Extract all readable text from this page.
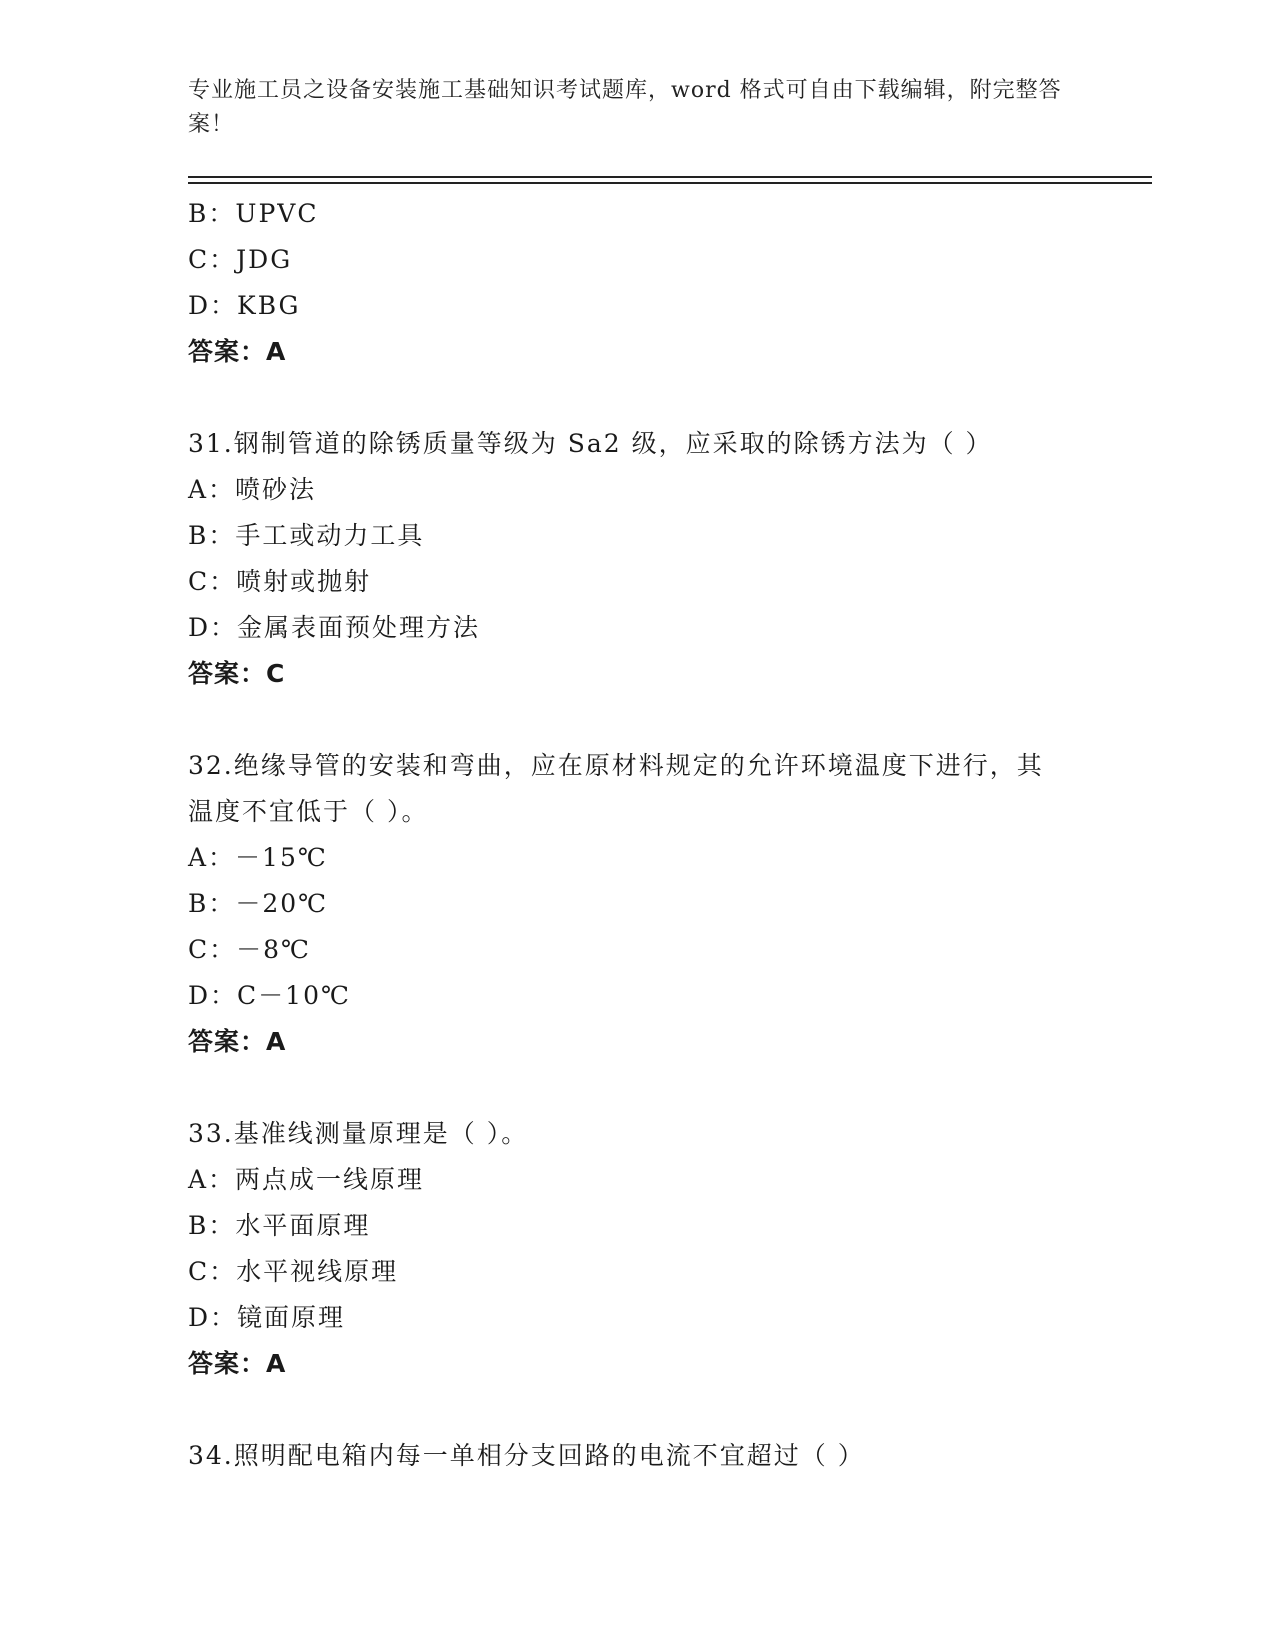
专业施工员之设备安装施工基础知识考试题库，word 格式可自由下载编辑，附完整答案！
B：UPVC
C：JDG
D：KBG
答案：A
31.钢制管道的除锈质量等级为 Sa2 级，应采取的除锈方法为（ ）
A：喷砂法
B：手工或动力工具
C：喷射或抛射
D：金属表面预处理方法
答案：C
32.绝缘导管的安装和弯曲，应在原材料规定的允许环境温度下进行，其温度不宜低于（ ）。
A：－15℃
B：－20℃
C：－8℃
D：C－10℃
答案：A
33.基准线测量原理是（ ）。
A：两点成一线原理
B：水平面原理
C：水平视线原理
D：镜面原理
答案：A
34.照明配电箱内每一单相分支回路的电流不宜超过（ ）
